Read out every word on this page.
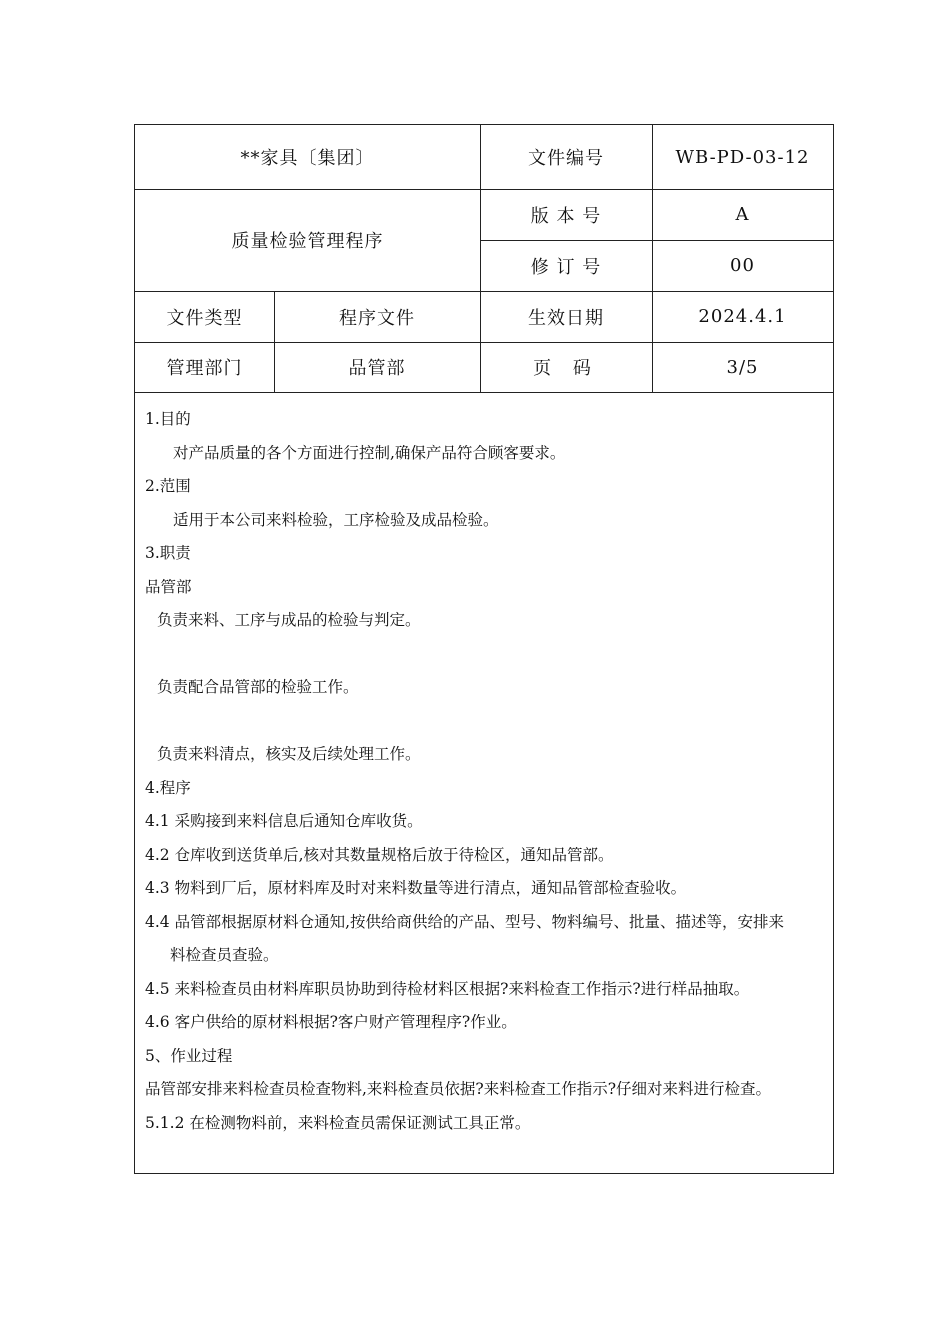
**家具〔集团〕	文件编号	WB-PD-03-12
质量检验管理程序
版 本 号	A
修 订 号	00
文件类型	程序文件	生效日期	2024.4.1
管理部门	品管部	页 码	3/5
1.目的
对产品质量的各个方面进行控制,确保产品符合顾客要求。
2.范围
适用于本公司来料检验，工序检验及成品检验。
3.职责
品管部
负责来料、工序与成品的检验与判定。
负责配合品管部的检验工作。
负责来料清点，核实及后续处理工作。
4.程序
4.1 采购接到来料信息后通知仓库收货。
4.2 仓库收到送货单后,核对其数量规格后放于待检区，通知品管部。
4.3 物料到厂后，原材料库及时对来料数量等进行清点，通知品管部检查验收。
4.4 品管部根据原材料仓通知,按供给商供给的产品、型号、物料编号、批量、描述等，安排来
料检查员查验。
4.5 来料检查员由材料库职员协助到待检材料区根据?来料检查工作指示?进行样品抽取。
4.6 客户供给的原材料根据?客户财产管理程序?作业。
5、作业过程
品管部安排来料检查员检查物料,来料检查员依据?来料检查工作指示?仔细对来料进行检查。
5.1.2 在检测物料前，来料检查员需保证测试工具正常。
